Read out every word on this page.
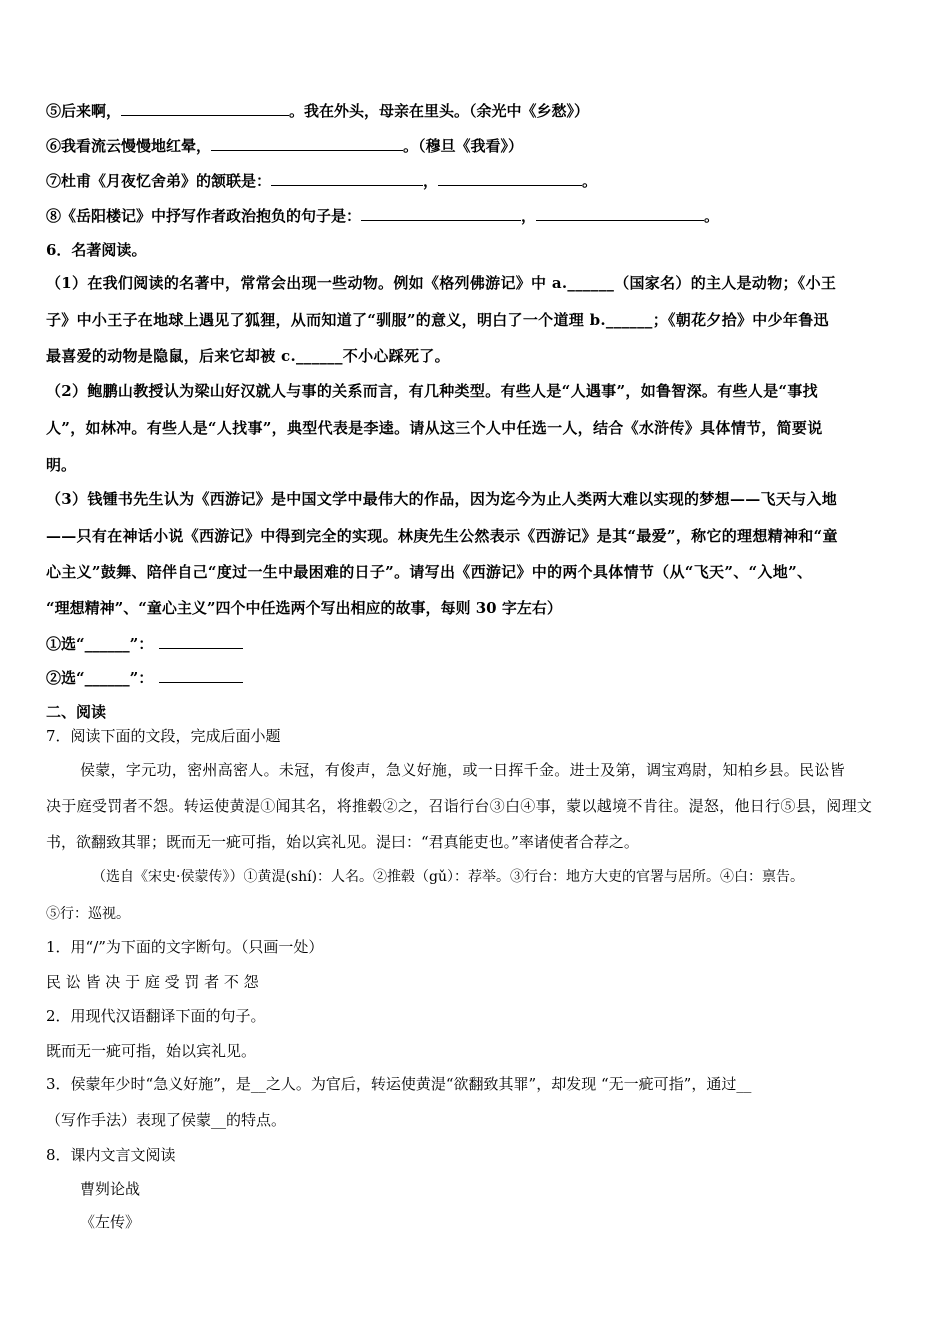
⑤后来啊，	。我在外头，母亲在里头。（余光中《乡愁》）
⑥我看流云慢慢地红晕，	。（穆旦《我看》）
⑦杜甫《月夜忆舍弟》的颔联是：	，	。
⑧《岳阳楼记》中抒写作者政治抱负的句子是：	，	。
6．名著阅读。
（1）在我们阅读的名著中，常常会出现一些动物。例如《格列佛游记》中 a.______（国家名）的主人是动物；《小王
子》中小王子在地球上遇见了狐狸，从而知道了“驯服”的意义，明白了一个道理 b.______；《朝花夕拾》中少年鲁迅
最喜爱的动物是隐鼠，后来它却被 c.______不小心踩死了。
（2）鲍鹏山教授认为梁山好汉就人与事的关系而言，有几种类型。有些人是“人遇事”，如鲁智深。有些人是“事找
人”，如林冲。有些人是“人找事”，典型代表是李逵。请从这三个人中任选一人，结合《水浒传》具体情节，简要说
明。
（3）钱锺书先生认为《西游记》是中国文学中最伟大的作品，因为迄今为止人类两大难以实现的梦想——飞天与入地
——只有在神话小说《西游记》中得到完全的实现。林庚先生公然表示《西游记》是其“最爱”，称它的理想精神和“童
心主义”鼓舞、陪伴自己“度过一生中最困难的日子”。请写出《西游记》中的两个具体情节（从“飞天”、“入地”、
“理想精神”、“童心主义”四个中任选两个写出相应的故事，每则 30 字左右）
①选“______”：
②选“______”：
二、阅读
7．阅读下面的文段，完成后面小题
侯蒙，字元功，密州高密人。未冠，有俊声，急义好施，或一日挥千金。进士及第，调宝鸡尉，知柏乡县。民讼皆
决于庭受罚者不怨。转运使黄湜①闻其名，将推毂②之，召诣行台③白④事，蒙以越境不肯往。湜怒，他日行⑤县，阅理文
书，欲翻致其罪；既而无一疵可指，始以宾礼见。湜曰：“君真能吏也。”率诸使者合荐之。
（选自《宋史·侯蒙传》）①黄湜(shí)：人名。②推毂（gǔ）：荐举。③行台：地方大吏的官署与居所。④白：禀告。
⑤行：巡视。
1．用“/”为下面的文字断句。（只画一处）
民 讼 皆 决 于 庭 受 罚 者 不 怨
2．用现代汉语翻译下面的句子。
既而无一疵可指，始以宾礼见。
3．侯蒙年少时“急义好施”，是__之人。为官后，转运使黄湜“欲翻致其罪”，却发现 “无一疵可指”，通过__
（写作手法）表现了侯蒙__的特点。
8．课内文言文阅读
曹刿论战
《左传》
